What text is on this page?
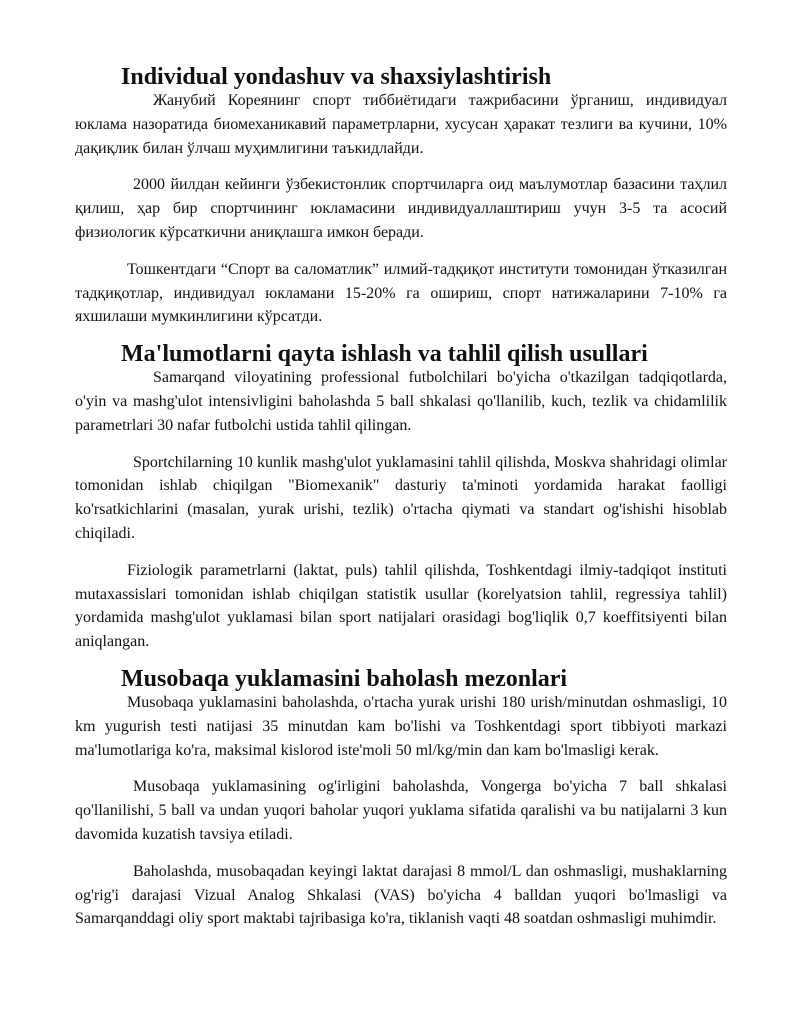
Individual yondashuv va shaxsiylashtirish

Жанубий Кореянинг спорт тиббиётидаги тажрибасини ўрганиш, индивидуал юклама назоратида биомеханикавий параметрларни, хусусан ҳаракат тезлиги ва кучини, 10% дақиқлик билан ўлчаш муҳимлигини таъкидлайди.

2000 йилдан кейинги ўзбекистонлик спортчиларга оид маълумотлар базасини таҳлил қилиш, ҳар бир спортчининг юкламасини индивидуаллаштириш учун 3-5 та асосий физиологик кўрсаткични аниқлашга имкон беради.

Тошкентдаги “Спорт ва саломатлик” илмий-тадқиқот институти томонидан ўтказилган тадқиқотлар, индивидуал юкламани 15-20% га ошириш, спорт натижаларини 7-10% га яхшилаши мумкинлигини кўрсатди.

Ma'lumotlarni qayta ishlash va tahlil qilish usullari

Samarqand viloyatining professional futbolchilari bo'yicha o'tkazilgan tadqiqotlarda, o'yin va mashg'ulot intensivligini baholashda 5 ball shkalasi qo'llanilib, kuch, tezlik va chidamlilik parametrlari 30 nafar futbolchi ustida tahlil qilingan.

Sportchilarning 10 kunlik mashg'ulot yuklamasini tahlil qilishda, Moskva shahridagi olimlar tomonidan ishlab chiqilgan "Biomexanik" dasturiy ta'minoti yordamida harakat faolligi ko'rsatkichlarini (masalan, yurak urishi, tezlik) o'rtacha qiymati va standart og'ishishi hisoblab chiqiladi.

Fiziologik parametrlarni (laktat, puls) tahlil qilishda, Toshkentdagi ilmiy-tadqiqot instituti mutaxassislari tomonidan ishlab chiqilgan statistik usullar (korelyatsion tahlil, regressiya tahlil) yordamida mashg'ulot yuklamasi bilan sport natijalari orasidagi bog'liqlik 0,7 koeffitsiyenti bilan aniqlangan.

Musobaqa yuklamasini baholash mezonlari

Musobaqa yuklamasini baholashda, o'rtacha yurak urishi 180 urish/minutdan oshmasligi, 10 km yugurish testi natijasi 35 minutdan kam bo'lishi va Toshkentdagi sport tibbiyoti markazi ma'lumotlariga ko'ra, maksimal kislorod iste'moli 50 ml/kg/min dan kam bo'lmasligi kerak.

Musobaqa yuklamasining og'irligini baholashda, Vongerga bo'yicha 7 ball shkalasi qo'llanilishi, 5 ball va undan yuqori baholar yuqori yuklama sifatida qaralishi va bu natijalarni 3 kun davomida kuzatish tavsiya etiladi.

Baholashda, musobaqadan keyingi laktat darajasi 8 mmol/L dan oshmasligi, mushaklarning og'rig'i darajasi Vizual Analog Shkalasi (VAS) bo'yicha 4 balldan yuqori bo'lmasligi va Samarqanddagi oliy sport maktabi tajribasiga ko'ra, tiklanish vaqti 48 soatdan oshmasligi muhimdir.
